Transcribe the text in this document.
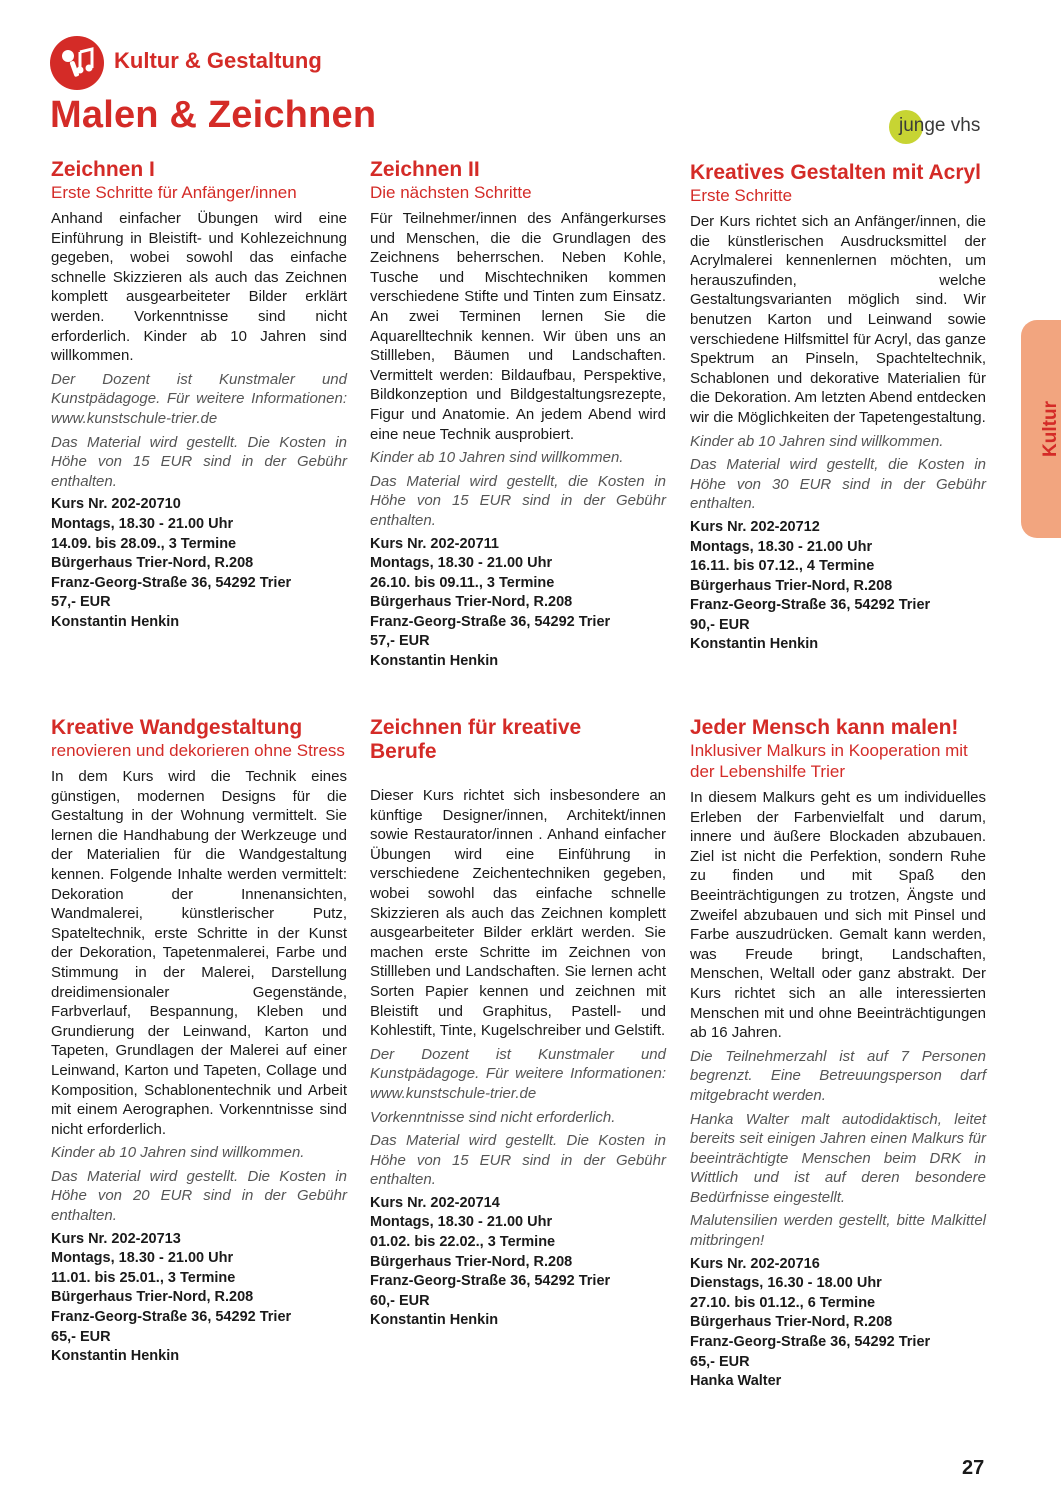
Kultur & Gestaltung
Malen & Zeichnen	junge vhs
Kultur
Zeichnen I
Erste Schritte für Anfänger/innen

Anhand einfacher Übungen wird eine Einführung in Bleistift- und Kohlezeichnung gegeben, wobei sowohl das einfache schnelle Skizzieren als auch das Zeichnen komplett ausgearbeiteter Bilder erklärt werden. Vorkenntnisse sind nicht erforderlich. Kinder ab 10 Jahren sind willkommen.

Der Dozent ist Kunstmaler und Kunstpädagoge. Für weitere Informationen: www.kunstschule-trier.de

Das Material wird gestellt. Die Kosten in Höhe von 15 EUR sind in der Gebühr enthalten.

Kurs Nr. 202-20710
Montags, 18.30 - 21.00 Uhr
14.09. bis 28.09., 3 Termine
Bürgerhaus Trier-Nord, R.208
Franz-Georg-Straße 36, 54292 Trier
57,- EUR
Konstantin Henkin
Zeichnen II
Die nächsten Schritte

Für Teilnehmer/innen des Anfängerkurses und Menschen, die die Grundlagen des Zeichnens beherrschen. Neben Kohle, Tusche und Mischtechniken kommen verschiedene Stifte und Tinten zum Einsatz. An zwei Terminen lernen Sie die Aquarelltechnik kennen. Wir üben uns an Stillleben, Bäumen und Landschaften. Vermittelt werden: Bildaufbau, Perspektive, Bildkonzeption und Bildgestaltungsrezepte, Figur und Anatomie. An jedem Abend wird eine neue Technik ausprobiert.

Kinder ab 10 Jahren sind willkommen.

Das Material wird gestellt, die Kosten in Höhe von 15 EUR sind in der Gebühr enthalten.

Kurs Nr. 202-20711
Montags, 18.30 - 21.00 Uhr
26.10. bis 09.11., 3 Termine
Bürgerhaus Trier-Nord, R.208
Franz-Georg-Straße 36, 54292 Trier
57,- EUR
Konstantin Henkin
Kreatives Gestalten mit Acryl
Erste Schritte

Der Kurs richtet sich an Anfänger/innen, die die künstlerischen Ausdrucksmittel der Acrylmalerei kennenlernen möchten, um herauszufinden, welche Gestaltungsvarianten möglich sind. Wir benutzen Karton und Leinwand sowie verschiedene Hilfsmittel für Acryl, das ganze Spektrum an Pinseln, Spachteltechnik, Schablonen und dekorative Materialien für die Dekoration. Am letzten Abend entdecken wir die Möglichkeiten der Tapetengestaltung.

Kinder ab 10 Jahren sind willkommen.

Das Material wird gestellt, die Kosten in Höhe von 30 EUR sind in der Gebühr enthalten.

Kurs Nr. 202-20712
Montags, 18.30 - 21.00 Uhr
16.11. bis 07.12., 4 Termine
Bürgerhaus Trier-Nord, R.208
Franz-Georg-Straße 36, 54292 Trier
90,- EUR
Konstantin Henkin
Kreative Wandgestaltung
renovieren und dekorieren ohne Stress

In dem Kurs wird die Technik eines günstigen, modernen Designs für die Gestaltung in der Wohnung vermittelt. Sie lernen die Handhabung der Werkzeuge und der Materialien für die Wandgestaltung kennen. Folgende Inhalte werden vermittelt: Dekoration der Innenansichten, Wandmalerei, künstlerischer Putz, Spateltechnik, erste Schritte in der Kunst der Dekoration, Tapetenmalerei, Farbe und Stimmung in der Malerei, Darstellung dreidimensionaler Gegenstände, Farbverlauf, Bespannung, Kleben und Grundierung der Leinwand, Karton und Tapeten, Grundlagen der Malerei auf einer Leinwand, Karton und Tapeten, Collage und Komposition, Schablonentechnik und Arbeit mit einem Aerographen. Vorkenntnisse sind nicht erforderlich.

Kinder ab 10 Jahren sind willkommen.

Das Material wird gestellt. Die Kosten in Höhe von 20 EUR sind in der Gebühr enthalten.

Kurs Nr. 202-20713
Montags, 18.30 - 21.00 Uhr
11.01. bis 25.01., 3 Termine
Bürgerhaus Trier-Nord, R.208
Franz-Georg-Straße 36, 54292 Trier
65,- EUR
Konstantin Henkin
Zeichnen für kreative Berufe

Dieser Kurs richtet sich insbesondere an künftige Designer/innen, Architekt/innen sowie Restaurator/innen . Anhand einfacher Übungen wird eine Einführung in verschiedene Zeichentechniken gegeben, wobei sowohl das einfache schnelle Skizzieren als auch das Zeichnen komplett ausgearbeiteter Bilder erklärt werden. Sie machen erste Schritte im Zeichnen von Stillleben und Landschaften. Sie lernen acht Sorten Papier kennen und zeichnen mit Bleistift und Graphitus, Pastell- und Kohlestift, Tinte, Kugelschreiber und Gelstift.

Der Dozent ist Kunstmaler und Kunstpädagoge. Für weitere Informationen: www.kunstschule-trier.de

Vorkenntnisse sind nicht erforderlich.

Das Material wird gestellt. Die Kosten in Höhe von 15 EUR sind in der Gebühr enthalten.

Kurs Nr. 202-20714
Montags, 18.30 - 21.00 Uhr
01.02. bis 22.02., 3 Termine
Bürgerhaus Trier-Nord, R.208
Franz-Georg-Straße 36, 54292 Trier
60,- EUR
Konstantin Henkin
Jeder Mensch kann malen!
Inklusiver Malkurs in Kooperation mit der Lebenshilfe Trier

In diesem Malkurs geht es um individuelles Erleben der Farbenvielfalt und darum, innere und äußere Blockaden abzubauen. Ziel ist nicht die Perfektion, sondern Ruhe zu finden und mit Spaß den Beeinträchtigungen zu trotzen, Ängste und Zweifel abzubauen und sich mit Pinsel und Farbe auszudrücken. Gemalt kann werden, was Freude bringt, Landschaften, Menschen, Weltall oder ganz abstrakt. Der Kurs richtet sich an alle interessierten Menschen mit und ohne Beeinträchtigungen ab 16 Jahren.

Die Teilnehmerzahl ist auf 7 Personen begrenzt. Eine Betreuungsperson darf mitgebracht werden.

Hanka Walter malt autodidaktisch, leitet bereits seit einigen Jahren einen Malkurs für beeinträchtigte Menschen beim DRK in Wittlich und ist auf deren besondere Bedürfnisse eingestellt.

Malutensilien werden gestellt, bitte Malkittel mitbringen!

Kurs Nr. 202-20716
Dienstags, 16.30 - 18.00 Uhr
27.10. bis 01.12., 6 Termine
Bürgerhaus Trier-Nord, R.208
Franz-Georg-Straße 36, 54292 Trier
65,- EUR
Hanka Walter
27
